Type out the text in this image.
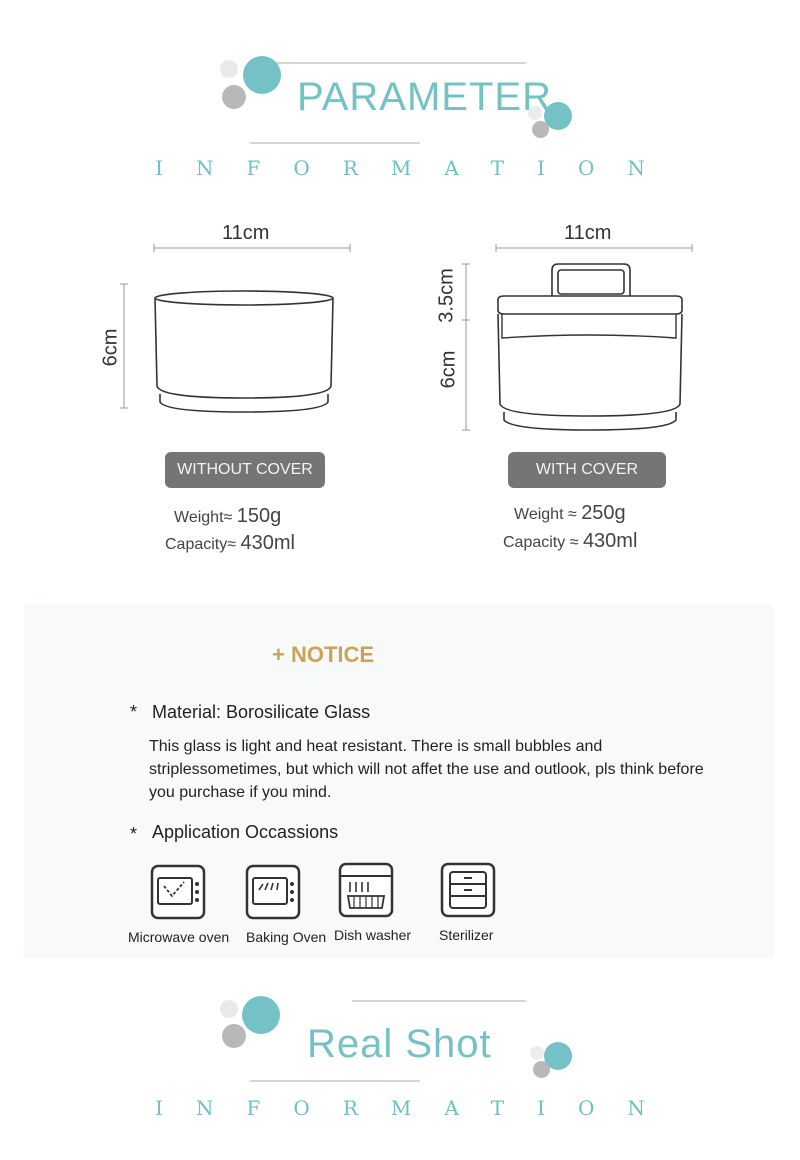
PARAMETER
INFORMATION
11cm
6cm
WITHOUT COVER
Weight≈ 150g
Capacity≈ 430ml
11cm
3.5cm
6cm
WITH COVER
Weight ≈ 250g
Capacity ≈ 430ml
+ NOTICE
* Material: Borosilicate Glass
This glass is light and heat resistant. There is small bubbles and striplessometimes, but which will not affet the use and outlook, pls think before you purchase if you mind.
* Application Occassions
Microwave oven Baking Oven Dish washer Sterilizer
Real Shot
INFORMATION
